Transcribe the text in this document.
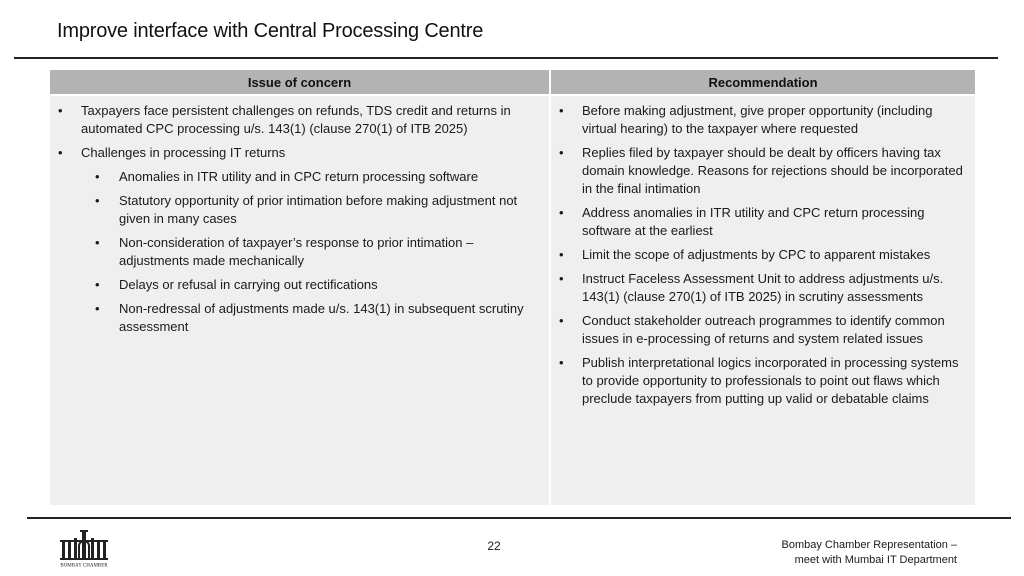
Improve interface with Central Processing Centre
Issue of concern
• Taxpayers face persistent challenges on refunds, TDS credit and returns in automated CPC processing u/s. 143(1) (clause 270(1) of ITB 2025)
• Challenges in processing IT returns
• Anomalies in ITR utility and in CPC return processing software
• Statutory opportunity of prior intimation before making adjustment not given in many cases
• Non-consideration of taxpayer’s response to prior intimation – adjustments made mechanically
• Delays or refusal in carrying out rectifications
• Non-redressal of adjustments made u/s. 143(1) in subsequent scrutiny assessment
Recommendation
• Before making adjustment, give proper opportunity (including virtual hearing) to the taxpayer where requested
• Replies filed by taxpayer should be dealt by officers having tax domain knowledge. Reasons for rejections should be incorporated in the final intimation
• Address anomalies in ITR utility and CPC return processing software at the earliest
• Limit the scope of adjustments by CPC to apparent mistakes
• Instruct Faceless Assessment Unit to address adjustments u/s. 143(1) (clause 270(1) of ITB 2025) in scrutiny assessments
• Conduct stakeholder outreach programmes to identify common issues in e-processing of returns and system related issues
• Publish interpretational logics incorporated in processing systems to provide opportunity to professionals to point out flaws which preclude taxpayers from putting up valid or debatable claims
BOMBAY CHAMBER
22	Bombay Chamber Representation –
meet with Mumbai IT Department
